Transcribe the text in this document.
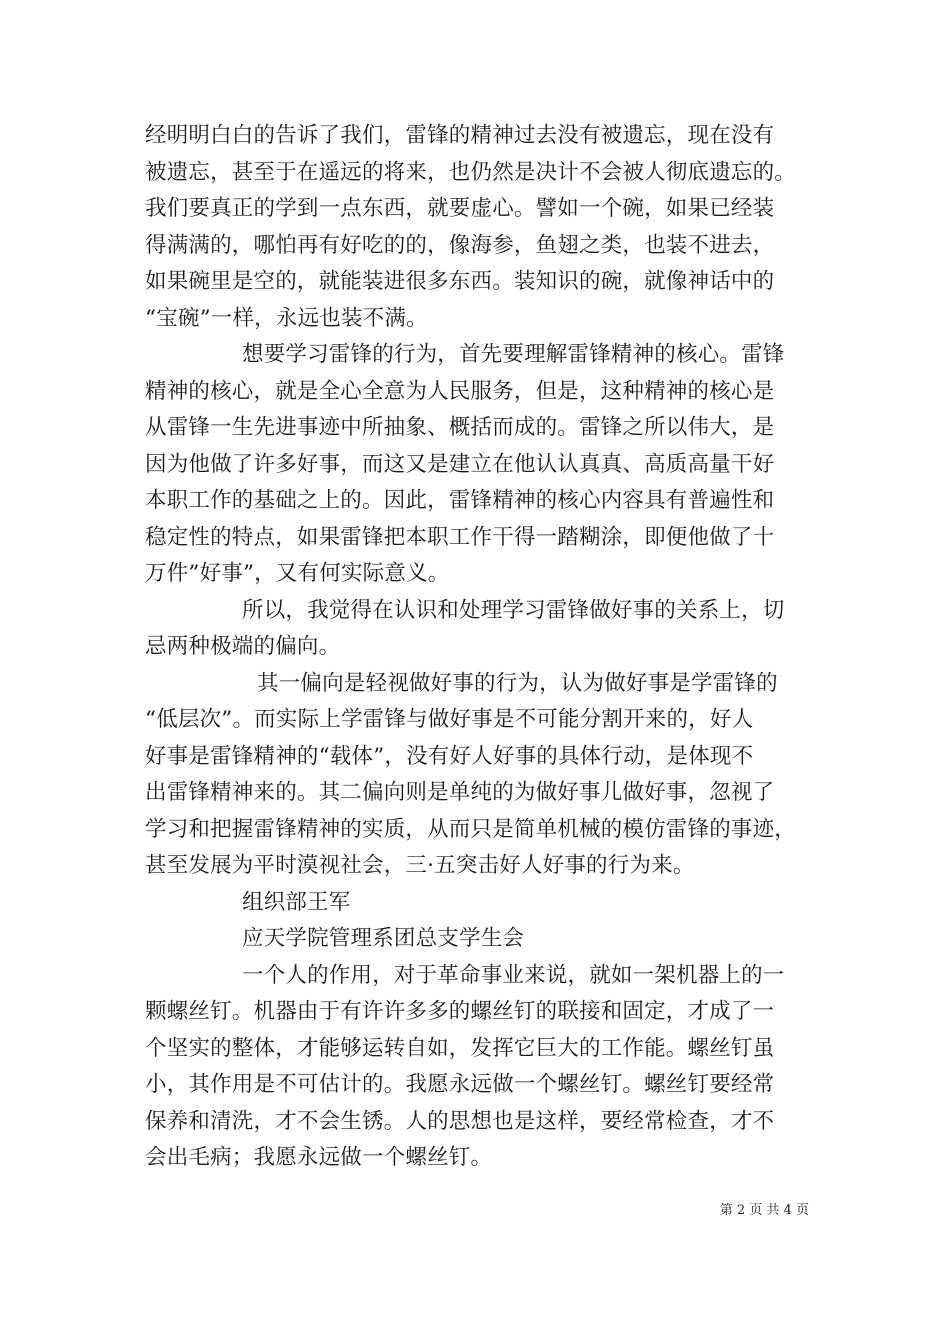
经明明白白的告诉了我们，雷锋的精神过去没有被遗忘，现在没有
被遗忘，甚至于在遥远的将来，也仍然是决计不会被人彻底遗忘的。
我们要真正的学到一点东西，就要虚心。譬如一个碗，如果已经装
得满满的，哪怕再有好吃的的，像海参，鱼翅之类，也装不进去，
如果碗里是空的，就能装进很多东西。装知识的碗，就像神话中的
“宝碗”一样，永远也装不满。
想要学习雷锋的行为，首先要理解雷锋精神的核心。雷锋
精神的核心，就是全心全意为人民服务，但是，这种精神的核心是
从雷锋一生先进事迹中所抽象、概括而成的。雷锋之所以伟大，是
因为他做了许多好事，而这又是建立在他认认真真、高质高量干好
本职工作的基础之上的。因此，雷锋精神的核心内容具有普遍性和
稳定性的特点，如果雷锋把本职工作干得一踏糊涂，即便他做了十
万件”好事”，又有何实际意义。
所以，我觉得在认识和处理学习雷锋做好事的关系上，切
忌两种极端的偏向。
其一偏向是轻视做好事的行为，认为做好事是学雷锋的
“低层次”。而实际上学雷锋与做好事是不可能分割开来的，好人
好事是雷锋精神的“载体”，没有好人好事的具体行动，是体现不
出雷锋精神来的。其二偏向则是单纯的为做好事儿做好事，忽视了
学习和把握雷锋精神的实质，从而只是简单机械的模仿雷锋的事迹，
甚至发展为平时漠视社会，三·五突击好人好事的行为来。
组织部王军
应天学院管理系团总支学生会
一个人的作用，对于革命事业来说，就如一架机器上的一
颗螺丝钉。机器由于有许许多多的螺丝钉的联接和固定，才成了一
个坚实的整体，才能够运转自如，发挥它巨大的工作能。螺丝钉虽
小，其作用是不可估计的。我愿永远做一个螺丝钉。螺丝钉要经常
保养和清洗，才不会生锈。人的思想也是这样，要经常检查，才不
会出毛病；我愿永远做一个螺丝钉。
第 2 页 共 4 页
